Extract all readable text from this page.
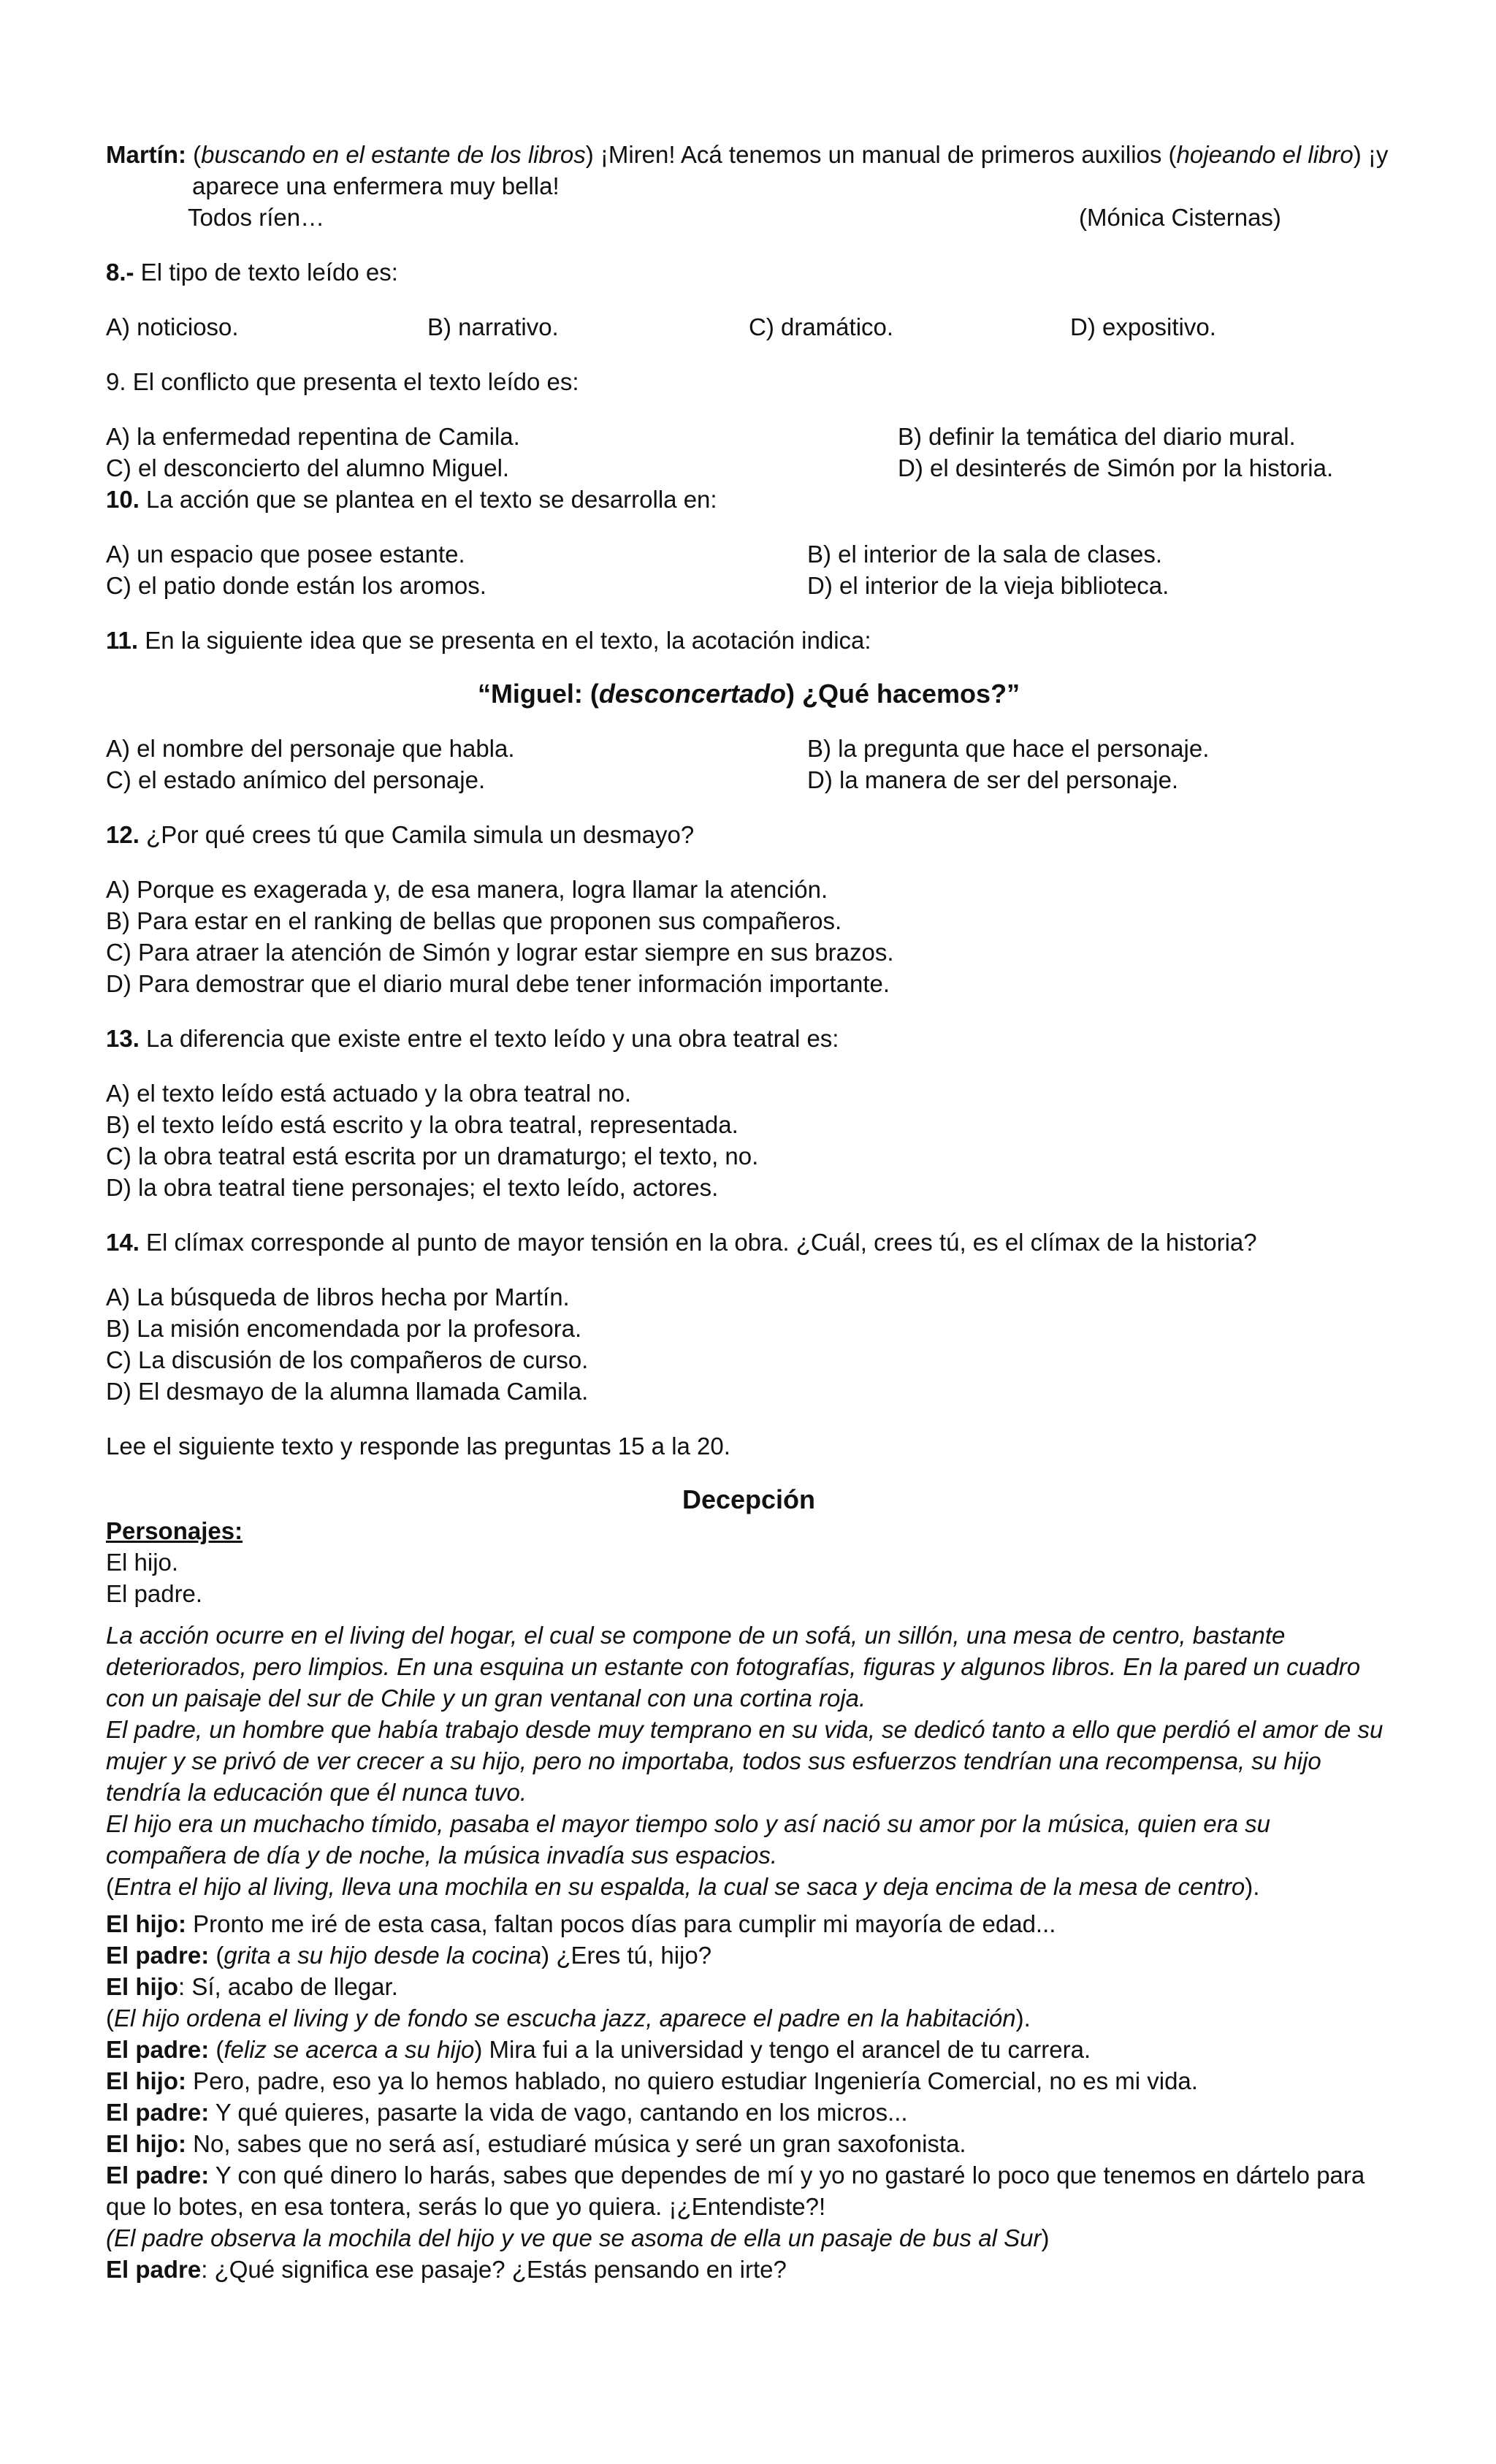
Martín: (buscando en el estante de los libros) ¡Miren! Acá tenemos un manual de primeros auxilios (hojeando el libro) ¡y

aparece una enfermera muy bella!

Todos ríen…	(Mónica Cisternas)

8.- El tipo de texto leído es:

A) noticioso.	B) narrativo.	C) dramático.	D) expositivo.

9. El conflicto que presenta el texto leído es:

A) la enfermedad repentina de Camila.	B) definir la temática del diario mural.
C) el desconcierto del alumno Miguel.	D) el desinterés de Simón por la historia.

10. La acción que se plantea en el texto se desarrolla en:

A) un espacio que posee estante.	B) el interior de la sala de clases.
C) el patio donde están los aromos.	D) el interior de la vieja biblioteca.

11. En la siguiente idea que se presenta en el texto, la acotación indica:

“Miguel: (desconcertado) ¿Qué hacemos?”

A) el nombre del personaje que habla.	B) la pregunta que hace el personaje.
C) el estado anímico del personaje.	D) la manera de ser del personaje.

12. ¿Por qué crees tú que Camila simula un desmayo?

A) Porque es exagerada y, de esa manera, logra llamar la atención.

B) Para estar en el ranking de bellas que proponen sus compañeros.

C) Para atraer la atención de Simón y lograr estar siempre en sus brazos.

D) Para demostrar que el diario mural debe tener información importante.

13. La diferencia que existe entre el texto leído y una obra teatral es:

A) el texto leído está actuado y la obra teatral no.

B) el texto leído está escrito y la obra teatral, representada.

C) la obra teatral está escrita por un dramaturgo; el texto, no.

D) la obra teatral tiene personajes; el texto leído, actores.

14. El clímax corresponde al punto de mayor tensión en la obra. ¿Cuál, crees tú, es el clímax de la historia?

A) La búsqueda de libros hecha por Martín.

B) La misión encomendada por la profesora.

C) La discusión de los compañeros de curso.

D) El desmayo de la alumna llamada Camila.

Lee el siguiente texto y responde las preguntas 15 a la 20.

Decepción

Personajes:

El hijo.

El padre.

La acción ocurre en el living del hogar, el cual se compone de un sofá, un sillón, una mesa de centro, bastante deteriorados, pero limpios. En una esquina un estante con fotografías, figuras y algunos libros. En la pared un cuadro con un paisaje del sur de Chile y un gran ventanal con una cortina roja.

El padre, un hombre que había trabajo desde muy temprano en su vida, se dedicó tanto a ello que perdió el amor de su mujer y se privó de ver crecer a su hijo, pero no importaba, todos sus esfuerzos tendrían una recompensa, su hijo tendría la educación que él nunca tuvo.

El hijo era un muchacho tímido, pasaba el mayor tiempo solo y así nació su amor por la música, quien era su compañera de día y de noche, la música invadía sus espacios.

(Entra el hijo al living, lleva una mochila en su espalda, la cual se saca y deja encima de la mesa de centro).

El hijo: Pronto me iré de esta casa, faltan pocos días para cumplir mi mayoría de edad...

El padre: (grita a su hijo desde la cocina) ¿Eres tú, hijo?

El hijo: Sí, acabo de llegar.

(El hijo ordena el living y de fondo se escucha jazz, aparece el padre en la habitación).

El padre: (feliz se acerca a su hijo) Mira fui a la universidad y tengo el arancel de tu carrera.

El hijo: Pero, padre, eso ya lo hemos hablado, no quiero estudiar Ingeniería Comercial, no es mi vida.

El padre: Y qué quieres, pasarte la vida de vago, cantando en los micros...

El hijo: No, sabes que no será así, estudiaré música y seré un gran saxofonista.

El padre: Y con qué dinero lo harás, sabes que dependes de mí y yo no gastaré lo poco que tenemos en dártelo para que lo botes, en esa tontera, serás lo que yo quiera. ¡¿Entendiste?!

(El padre observa la mochila del hijo y ve que se asoma de ella un pasaje de bus al Sur)

El padre: ¿Qué significa ese pasaje? ¿Estás pensando en irte?
